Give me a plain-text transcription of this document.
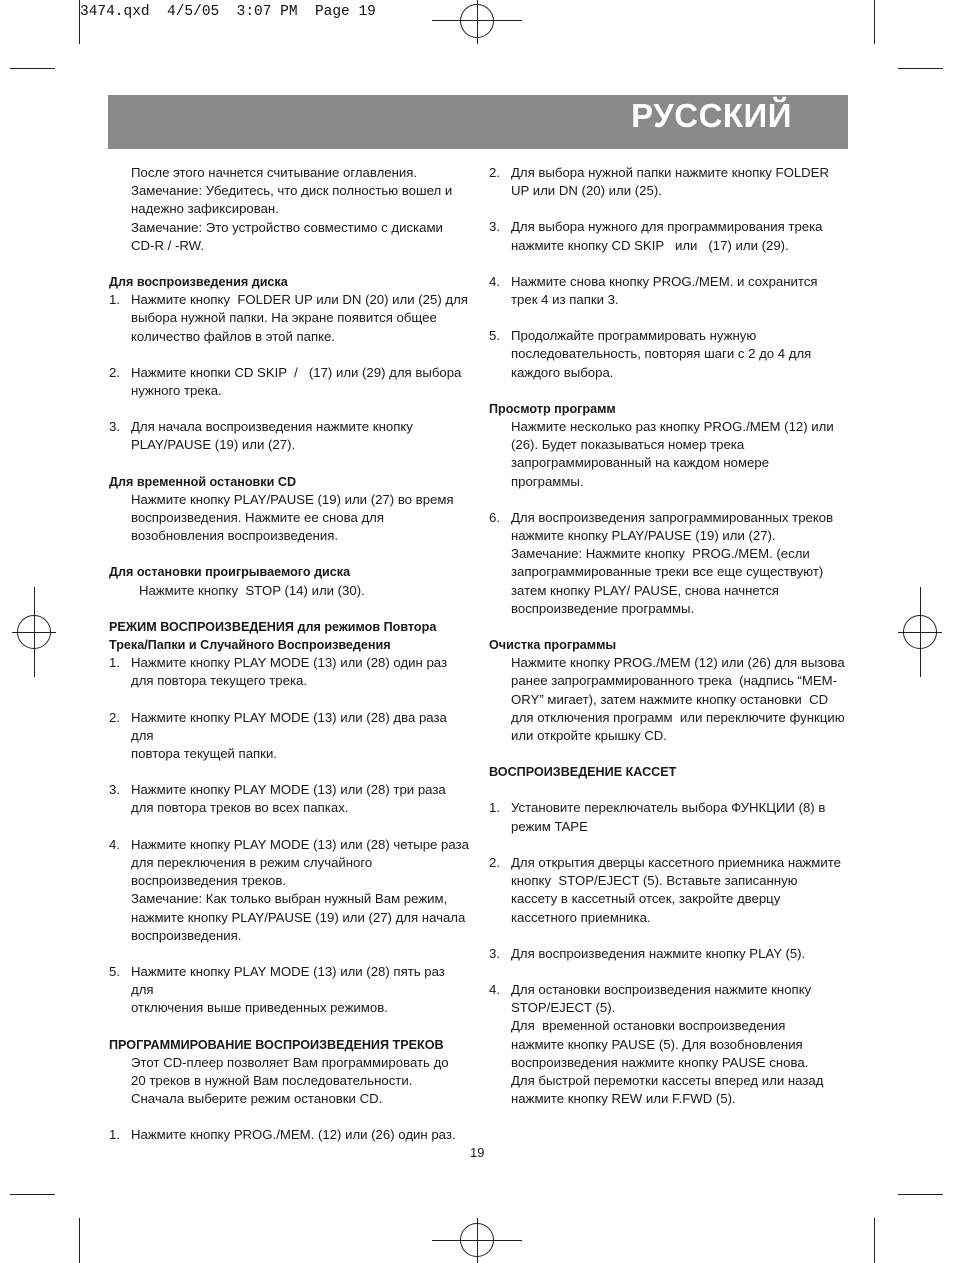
3474.qxd  4/5/05  3:07 PM  Page 19
РУССКИЙ
После этого начнется считывание оглавления.
Замечание: Убедитесь, что диск полностью вошел и
надежно зафиксирован.
Замечание: Это устройство совместимо с дисками
CD-R / -RW.
Для воспроизведения диска
1. Нажмите кнопку  FOLDER UP или DN (20) или (25) для
выбора нужной папки. На экране появится общее
количество файлов в этой папке.
2. Нажмите кнопки CD SKIP  /   (17) или (29) для выбора
нужного трека.
3. Для начала воспроизведения нажмите кнопку
PLAY/PAUSE (19) или (27).
Для временной остановки CD
Нажмите кнопку PLAY/PAUSE (19) или (27) во время
воспроизведения. Нажмите ее снова для
возобновления воспроизведения.
Для остановки проигрываемого диска
Нажмите кнопку  STOP (14) или (30).
РЕЖИМ ВОСПРОИЗВЕДЕНИЯ для режимов Повтора
Трека/Папки и Случайного Воспроизведения
1. Нажмите кнопку PLAY MODE (13) или (28) один раз
для повтора текущего трека.
2. Нажмите кнопку PLAY MODE (13) или (28) два раза для
повтора текущей папки.
3. Нажмите кнопку PLAY MODE (13) или (28) три раза
для повтора треков во всех папках.
4. Нажмите кнопку PLAY MODE (13) или (28) четыре раза
для переключения в режим случайного
воспроизведения треков.
Замечание: Как только выбран нужный Вам режим,
нажмите кнопку PLAY/PAUSE (19) или (27) для начала
воспроизведения.
5. Нажмите кнопку PLAY MODE (13) или (28) пять раз для
отключения выше приведенных режимов.
ПРОГРАММИРОВАНИЕ ВОСПРОИЗВЕДЕНИЯ ТРЕКОВ
Этот CD-плеер позволяет Вам программировать до
20 треков в нужной Вам последовательности.
Сначала выберите режим остановки CD.
1. Нажмите кнопку PROG./MEM. (12) или (26) один раз.
2. Для выбора нужной папки нажмите кнопку FOLDER
UP или DN (20) или (25).
3. Для выбора нужного для программирования трека
нажмите кнопку CD SKIP   или   (17) или (29).
4. Нажмите снова кнопку PROG./MEM. и сохранится
трек 4 из папки 3.
5. Продолжайте программировать нужную
последовательность, повторяя шаги с 2 до 4 для
каждого выбора.
Просмотр программ
Нажмите несколько раз кнопку PROG./MEM (12) или
(26). Будет показываться номер трека
запрограммированный на каждом номере
программы.
6. Для воспроизведения запрограммированных треков
нажмите кнопку PLAY/PAUSE (19) или (27).
Замечание: Нажмите кнопку  PROG./MEM. (если
запрограммированные треки все еще существуют)
затем кнопку PLAY/ PAUSE, снова начнется
воспроизведение программы.
Очистка программы
Нажмите кнопку PROG./MEM (12) или (26) для вызова
ранее запрограммированного трека  (надпись “MEM-
ORY” мигает), затем нажмите кнопку остановки  CD
для отключения программ  или переключите функцию
или откройте крышку CD.
ВОСПРОИЗВЕДЕНИЕ КАССЕТ
1. Установите переключатель выбора ФУНКЦИИ (8) в
режим TAPE
2. Для открытия дверцы кассетного приемника нажмите
кнопку  STOP/EJECT (5). Вставьте записанную
кассету в кассетный отсек, закройте дверцу
кассетного приемника.
3. Для воспроизведения нажмите кнопку PLAY (5).
4. Для остановки воспроизведения нажмите кнопку
STOP/EJECT (5).
Для  временной остановки воспроизведения
нажмите кнопку PAUSE (5). Для возобновления
воспроизведения нажмите кнопку PAUSE снова.
Для быстрой перемотки кассеты вперед или назад
нажмите кнопку REW или F.FWD (5).
19
